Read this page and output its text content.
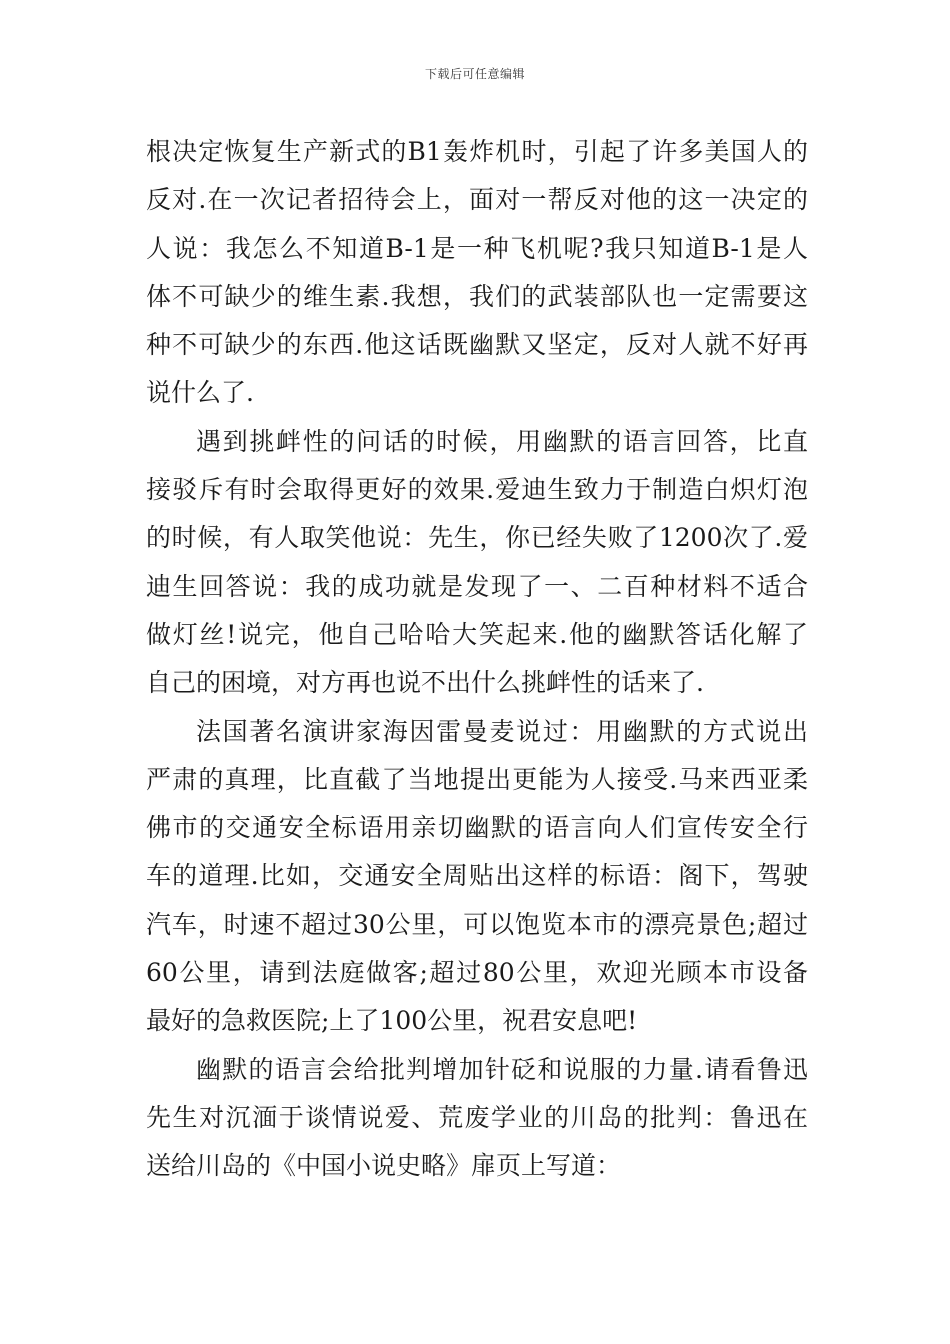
下载后可任意编辑
根决定恢复生产新式的B1轰炸机时，引起了许多美国人的
反对.在一次记者招待会上，面对一帮反对他的这一决定的
人说：我怎么不知道B-1是一种飞机呢?我只知道B-1是人
体不可缺少的维生素.我想，我们的武装部队也一定需要这
种不可缺少的东西.他这话既幽默又坚定，反对人就不好再
说什么了.
遇到挑衅性的问话的时候，用幽默的语言回答，比直
接驳斥有时会取得更好的效果.爱迪生致力于制造白炽灯泡
的时候，有人取笑他说：先生，你已经失败了1200次了.爱
迪生回答说：我的成功就是发现了一、二百种材料不适合
做灯丝!说完，他自己哈哈大笑起来.他的幽默答话化解了
自己的困境，对方再也说不出什么挑衅性的话来了.
法国著名演讲家海因雷曼麦说过：用幽默的方式说出
严肃的真理，比直截了当地提出更能为人接受.马来西亚柔
佛市的交通安全标语用亲切幽默的语言向人们宣传安全行
车的道理.比如，交通安全周贴出这样的标语：阁下，驾驶
汽车，时速不超过30公里，可以饱览本市的漂亮景色;超过
60公里，请到法庭做客;超过80公里，欢迎光顾本市设备
最好的急救医院;上了100公里，祝君安息吧!
幽默的语言会给批判增加针砭和说服的力量.请看鲁迅
先生对沉湎于谈情说爱、荒废学业的川岛的批判：鲁迅在
送给川岛的《中国小说史略》扉页上写道：
